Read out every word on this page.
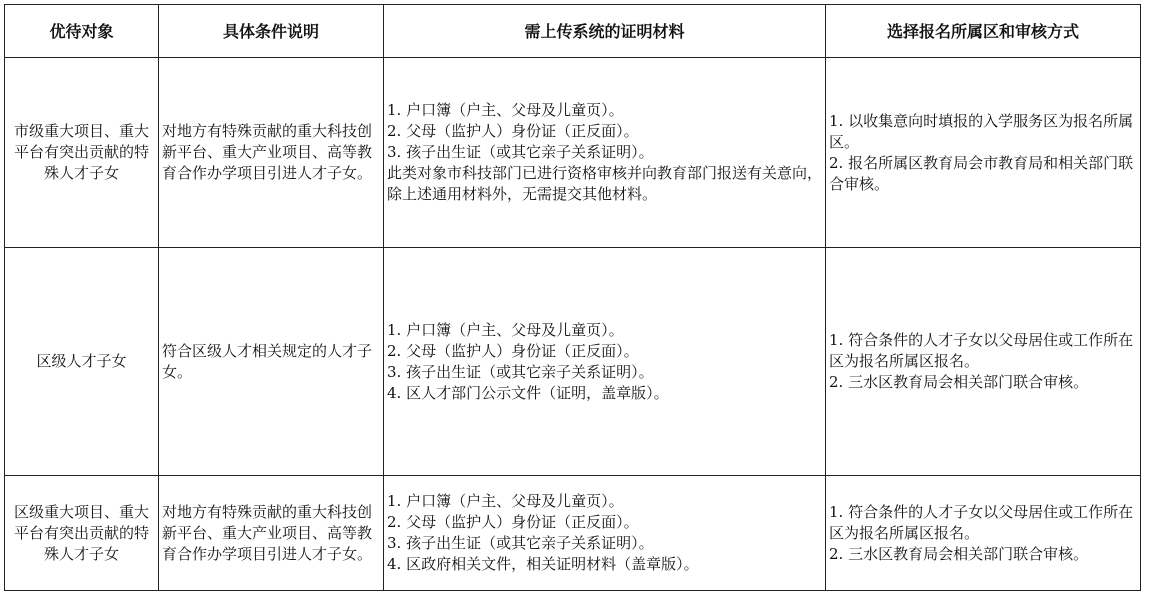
优待对象	具体条件说明	需上传系统的证明材料	选择报名所属区和审核方式
市级重大项目、重大平台有突出贡献的特殊人才子女	对地方有特殊贡献的重大科技创新平台、重大产业项目、高等教育合作办学项目引进人才子女。	1. 户口簿（户主、父母及儿童页）。
2. 父母（监护人）身份证（正反面）。
3. 孩子出生证（或其它亲子关系证明）。
此类对象市科技部门已进行资格审核并向教育部门报送有关意向，除上述通用材料外，无需提交其他材料。	1. 以收集意向时填报的入学服务区为报名所属区。
2. 报名所属区教育局会市教育局和相关部门联合审核。

区级人才子女	符合区级人才相关规定的人才子女。	1. 户口簿（户主、父母及儿童页）。
2. 父母（监护人）身份证（正反面）。
3. 孩子出生证（或其它亲子关系证明）。
4. 区人才部门公示文件（证明，盖章版）。	1. 符合条件的人才子女以父母居住或工作所在区为报名所属区报名。
2. 三水区教育局会相关部门联合审核。

区级重大项目、重大平台有突出贡献的特殊人才子女	对地方有特殊贡献的重大科技创新平台、重大产业项目、高等教育合作办学项目引进人才子女。	1. 户口簿（户主、父母及儿童页）。
2. 父母（监护人）身份证（正反面）。
3. 孩子出生证（或其它亲子关系证明）。
4. 区政府相关文件，相关证明材料（盖章版）。	1. 符合条件的人才子女以父母居住或工作所在区为报名所属区报名。
2. 三水区教育局会相关部门联合审核。
